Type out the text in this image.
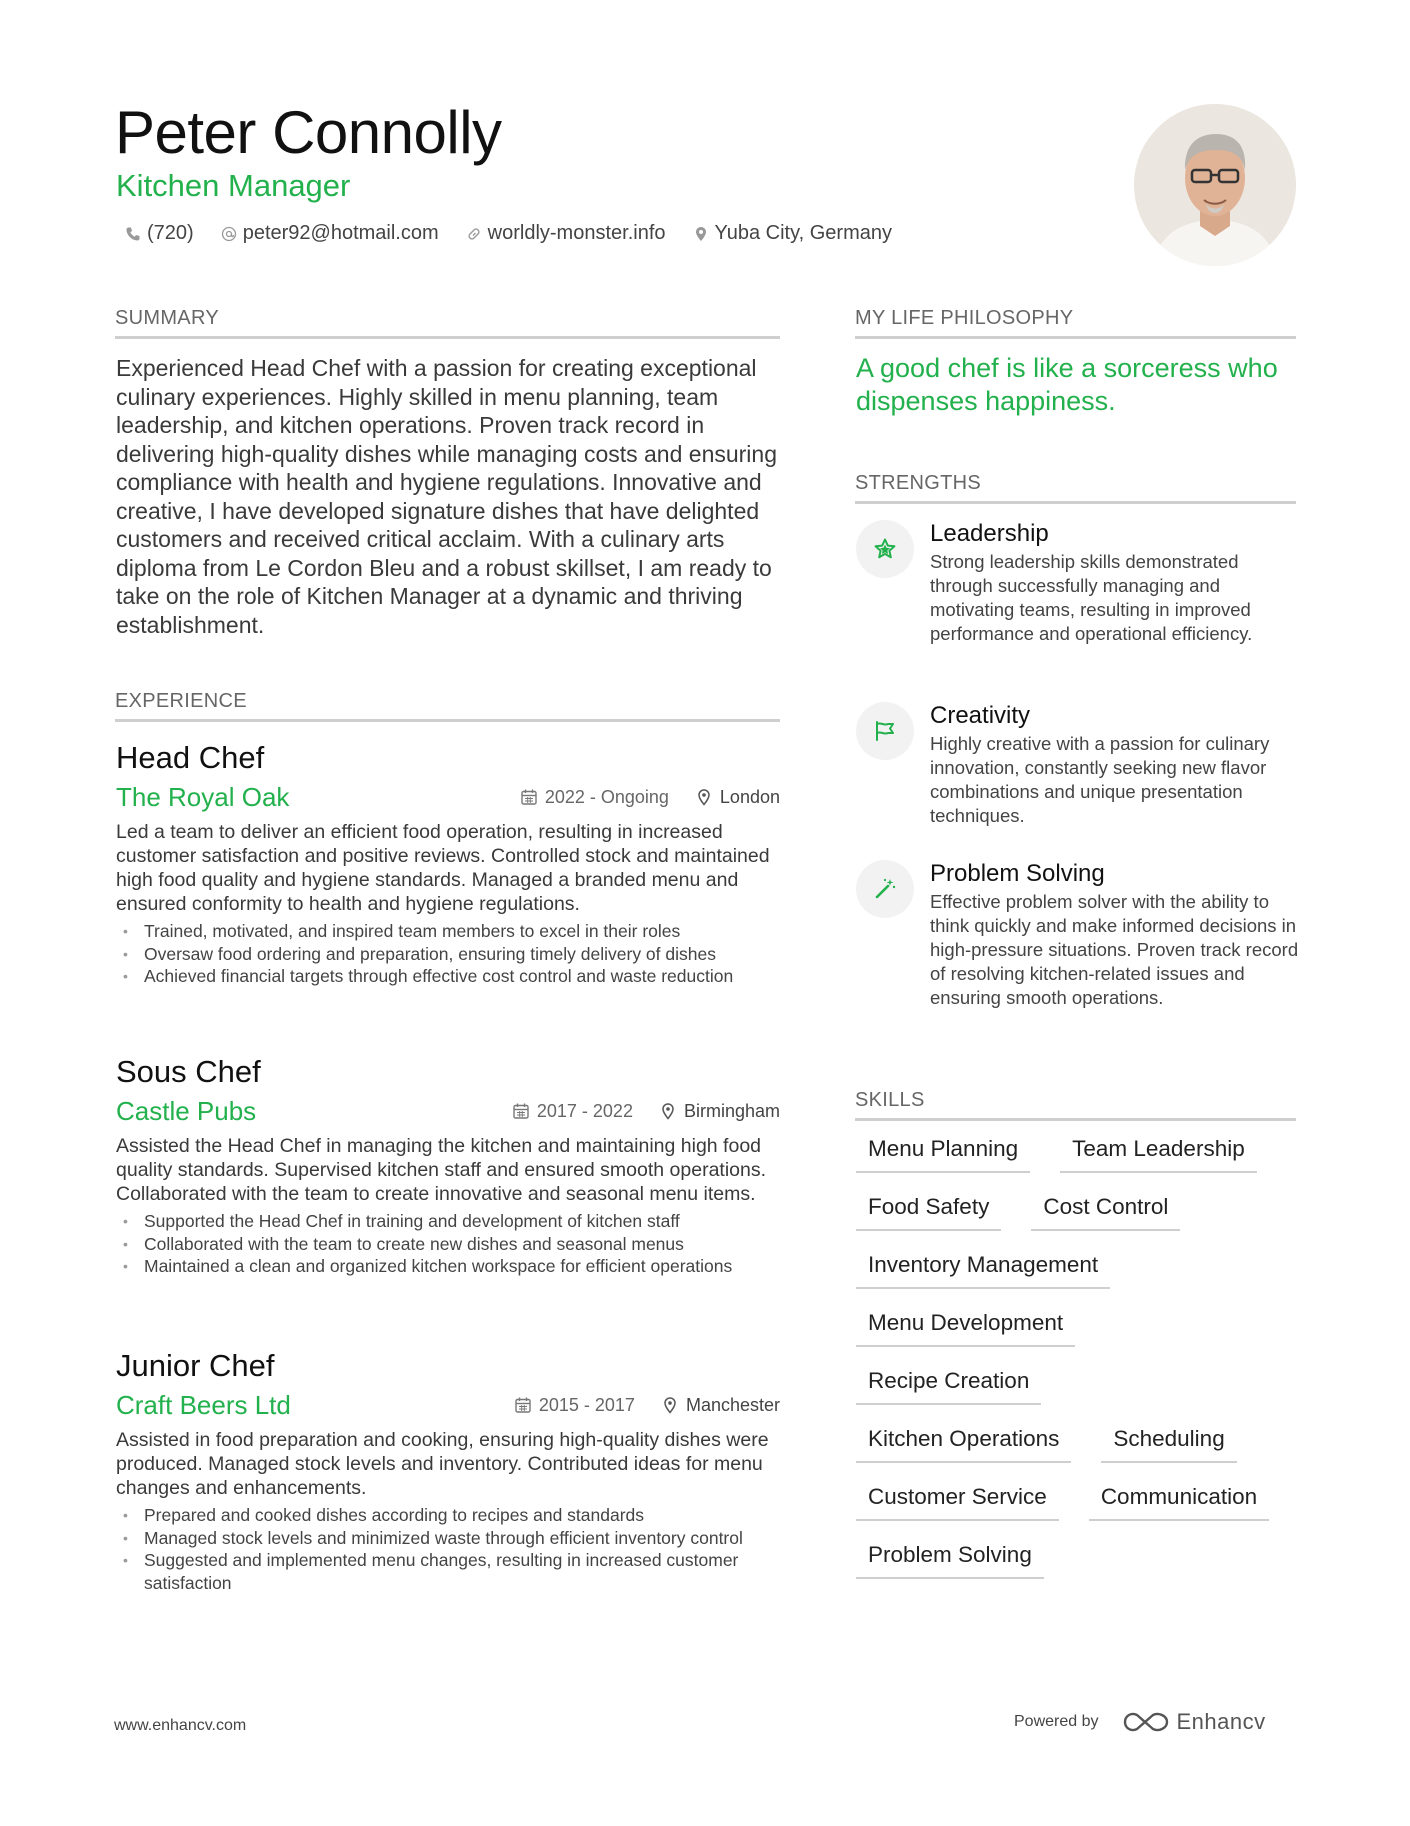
Peter Connolly
Kitchen Manager
(720) peter92@hotmail.com worldly-monster.info Yuba City, Germany
SUMMARY
Experienced Head Chef with a passion for creating exceptional culinary experiences. Highly skilled in menu planning, team leadership, and kitchen operations. Proven track record in delivering high-quality dishes while managing costs and ensuring compliance with health and hygiene regulations. Innovative and creative, I have developed signature dishes that have delighted customers and received critical acclaim. With a culinary arts diploma from Le Cordon Bleu and a robust skillset, I am ready to take on the role of Kitchen Manager at a dynamic and thriving establishment.
EXPERIENCE
Head Chef
The Royal Oak	2022 - Ongoing	London
Led a team to deliver an efficient food operation, resulting in increased customer satisfaction and positive reviews. Controlled stock and maintained high food quality and hygiene standards. Managed a branded menu and ensured conformity to health and hygiene regulations.
• Trained, motivated, and inspired team members to excel in their roles
• Oversaw food ordering and preparation, ensuring timely delivery of dishes
• Achieved financial targets through effective cost control and waste reduction
Sous Chef
Castle Pubs	2017 - 2022	Birmingham
Assisted the Head Chef in managing the kitchen and maintaining high food quality standards. Supervised kitchen staff and ensured smooth operations. Collaborated with the team to create innovative and seasonal menu items.
• Supported the Head Chef in training and development of kitchen staff
• Collaborated with the team to create new dishes and seasonal menus
• Maintained a clean and organized kitchen workspace for efficient operations
Junior Chef
Craft Beers Ltd	2015 - 2017	Manchester
Assisted in food preparation and cooking, ensuring high-quality dishes were produced. Managed stock levels and inventory. Contributed ideas for menu changes and enhancements.
• Prepared and cooked dishes according to recipes and standards
• Managed stock levels and minimized waste through efficient inventory control
• Suggested and implemented menu changes, resulting in increased customer satisfaction
MY LIFE PHILOSOPHY
A good chef is like a sorceress who dispenses happiness.
STRENGTHS
Leadership
Strong leadership skills demonstrated through successfully managing and motivating teams, resulting in improved performance and operational efficiency.
Creativity
Highly creative with a passion for culinary innovation, constantly seeking new flavor combinations and unique presentation techniques.
Problem Solving
Effective problem solver with the ability to think quickly and make informed decisions in high-pressure situations. Proven track record of resolving kitchen-related issues and ensuring smooth operations.
SKILLS
Menu Planning	Team Leadership
Food Safety	Cost Control
Inventory Management
Menu Development
Recipe Creation
Kitchen Operations	Scheduling
Customer Service	Communication
Problem Solving
www.enhancv.com	Powered by	Enhancv
